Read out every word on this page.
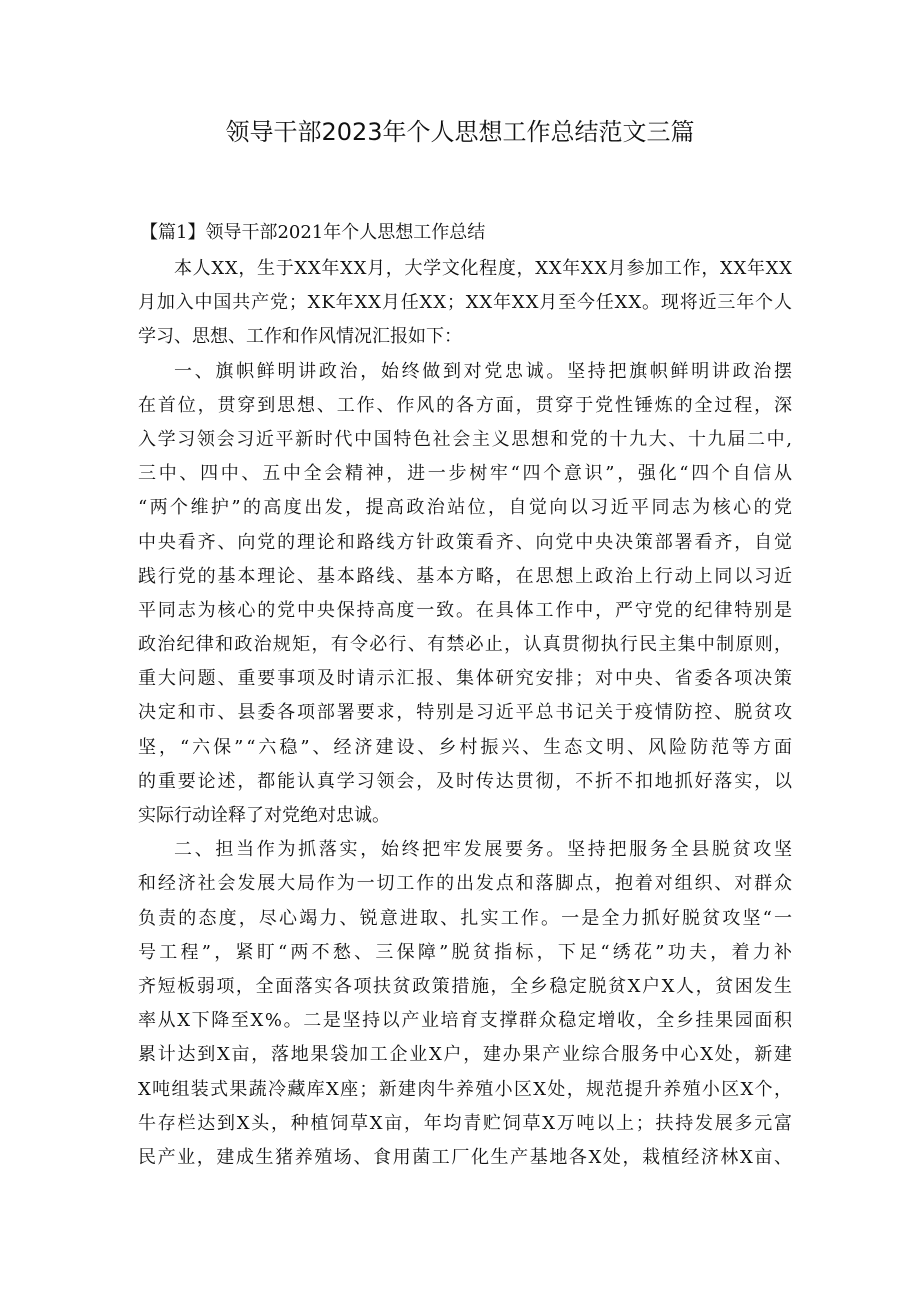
领导干部2023年个人思想工作总结范文三篇
【篇1】领导干部2021年个人思想工作总结

本人XX，生于XX年XX月，大学文化程度，XX年XX月参加工作，XX年XX
月加入中国共产党；XK年XX月任XX；XX年XX月至今任XX。现将近三年个人
学习、思想、工作和作风情况汇报如下：

一、旗帜鲜明讲政治，始终做到对党忠诚。坚持把旗帜鲜明讲政治摆
在首位，贯穿到思想、工作、作风的各方面，贯穿于党性锤炼的全过程，深
入学习领会习近平新时代中国特色社会主义思想和党的十九大、十九届二中,
三中、四中、五中全会精神，进一步树牢“四个意识”，强化“四个自信从
“两个维护”的高度出发，提高政治站位，自觉向以习近平同志为核心的党
中央看齐、向党的理论和路线方针政策看齐、向党中央决策部署看齐，自觉
践行党的基本理论、基本路线、基本方略，在思想上政治上行动上同以习近
平同志为核心的党中央保持高度一致。在具体工作中，严守党的纪律特别是
政治纪律和政治规矩，有令必行、有禁必止，认真贯彻执行民主集中制原则，
重大问题、重要事项及时请示汇报、集体研究安排；对中央、省委各项决策
决定和市、县委各项部署要求，特别是习近平总书记关于疫情防控、脱贫攻
坚，“六保”“六稳”、经济建设、乡村振兴、生态文明、风险防范等方面
的重要论述，都能认真学习领会，及时传达贯彻，不折不扣地抓好落实，以
实际行动诠释了对党绝对忠诚。

二、担当作为抓落实，始终把牢发展要务。坚持把服务全县脱贫攻坚
和经济社会发展大局作为一切工作的出发点和落脚点，抱着对组织、对群众
负责的态度，尽心竭力、锐意进取、扎实工作。一是全力抓好脱贫攻坚“一
号工程”，紧盯“两不愁、三保障”脱贫指标，下足“绣花”功夫，着力补
齐短板弱项，全面落实各项扶贫政策措施，全乡稳定脱贫X户X人，贫困发生
率从X下降至X%。二是坚持以产业培育支撑群众稳定增收，全乡挂果园面积
累计达到X亩，落地果袋加工企业X户，建办果产业综合服务中心X处，新建
X吨组装式果蔬冷藏库X座；新建肉牛养殖小区X处，规范提升养殖小区X个，
牛存栏达到X头，种植饲草X亩，年均青贮饲草X万吨以上；扶持发展多元富
民产业，建成生猪养殖场、食用菌工厂化生产基地各X处，栽植经济林X亩、
